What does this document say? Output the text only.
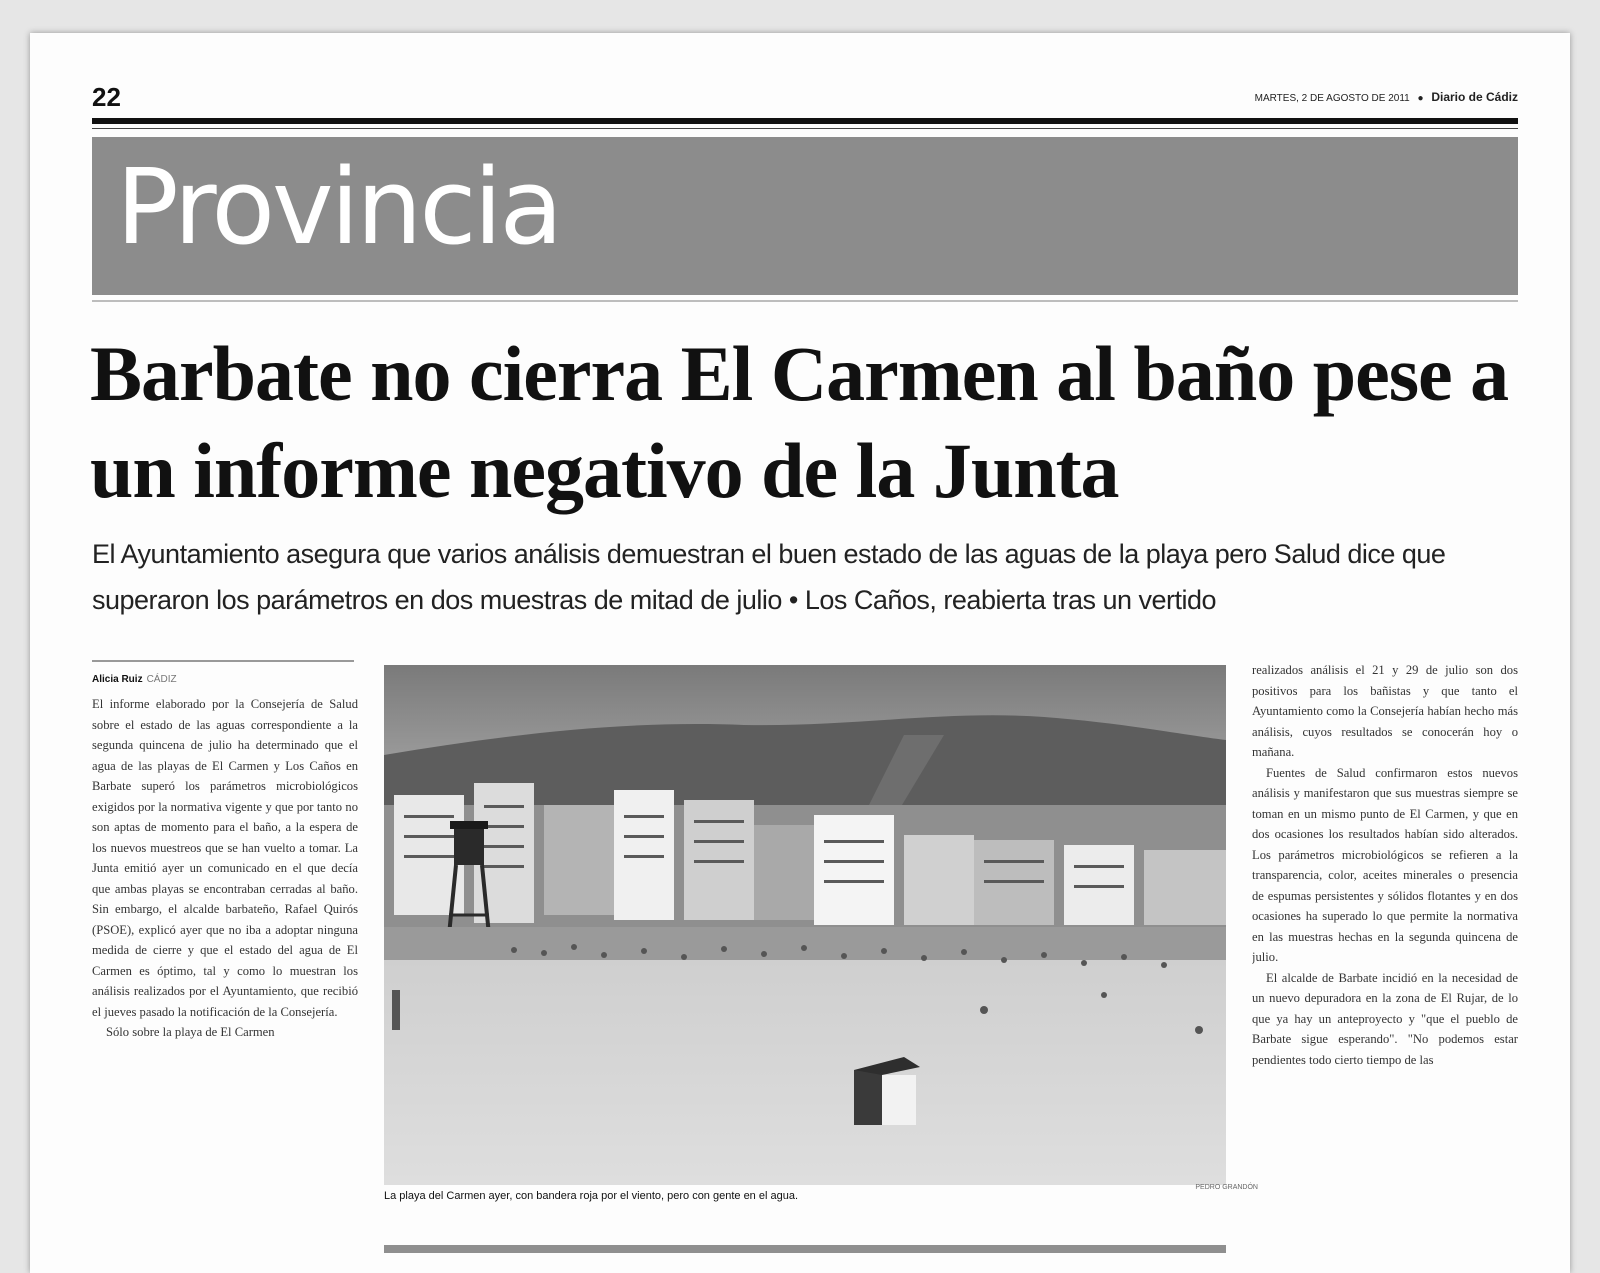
22	MARTES, 2 DE AGOSTO DE 2011 ● Diario de Cádiz
Provincia
Barbate no cierra El Carmen al baño pese a un informe negativo de la Junta

El Ayuntamiento asegura que varios análisis demuestran el buen estado de las aguas de la playa pero Salud dice que superaron los parámetros en dos muestras de mitad de julio • Los Caños, reabierta tras un vertido

Alicia Ruiz CÁDIZ

El informe elaborado por la Consejería de Salud sobre el estado de las aguas correspondiente a la segunda quincena de julio ha determinado que el agua de las playas de El Carmen y Los Caños en Barbate superó los parámetros microbiológicos exigidos por la normativa vigente y que por tanto no son aptas de momento para el baño, a la espera de los nuevos muestreos que se han vuelto a tomar. La Junta emitió ayer un comunicado en el que decía que ambas playas se encontraban cerradas al baño. Sin embargo, el alcalde barbateño, Rafael Quirós (PSOE), explicó ayer que no iba a adoptar ninguna medida de cierre y que el estado del agua de El Carmen es óptimo, tal y como lo muestran los análisis realizados por el Ayuntamiento, que recibió el jueves pasado la notificación de la Consejería.

Sólo sobre la playa de El Carmen

PEDRO GRANDÓN
La playa del Carmen ayer, con bandera roja por el viento, pero con gente en el agua.

realizados análisis el 21 y 29 de julio son dos positivos para los bañistas y que tanto el Ayuntamiento como la Consejería habían hecho más análisis, cuyos resultados se conocerán hoy o mañana.

Fuentes de Salud confirmaron estos nuevos análisis y manifestaron que sus muestras siempre se toman en un mismo punto de El Carmen, y que en dos ocasiones los resultados habían sido alterados. Los parámetros microbiológicos se refieren a la transparencia, color, aceites minerales o presencia de espumas persistentes y sólidos flotantes y en dos ocasiones ha superado lo que permite la normativa en las muestras hechas en la segunda quincena de julio.

El alcalde de Barbate incidió en la necesidad de un nuevo depuradora en la zona de El Rujar, de lo que ya hay un anteproyecto y "que el pueblo de Barbate sigue esperando". "No podemos estar pendientes todo cierto tiempo de las
